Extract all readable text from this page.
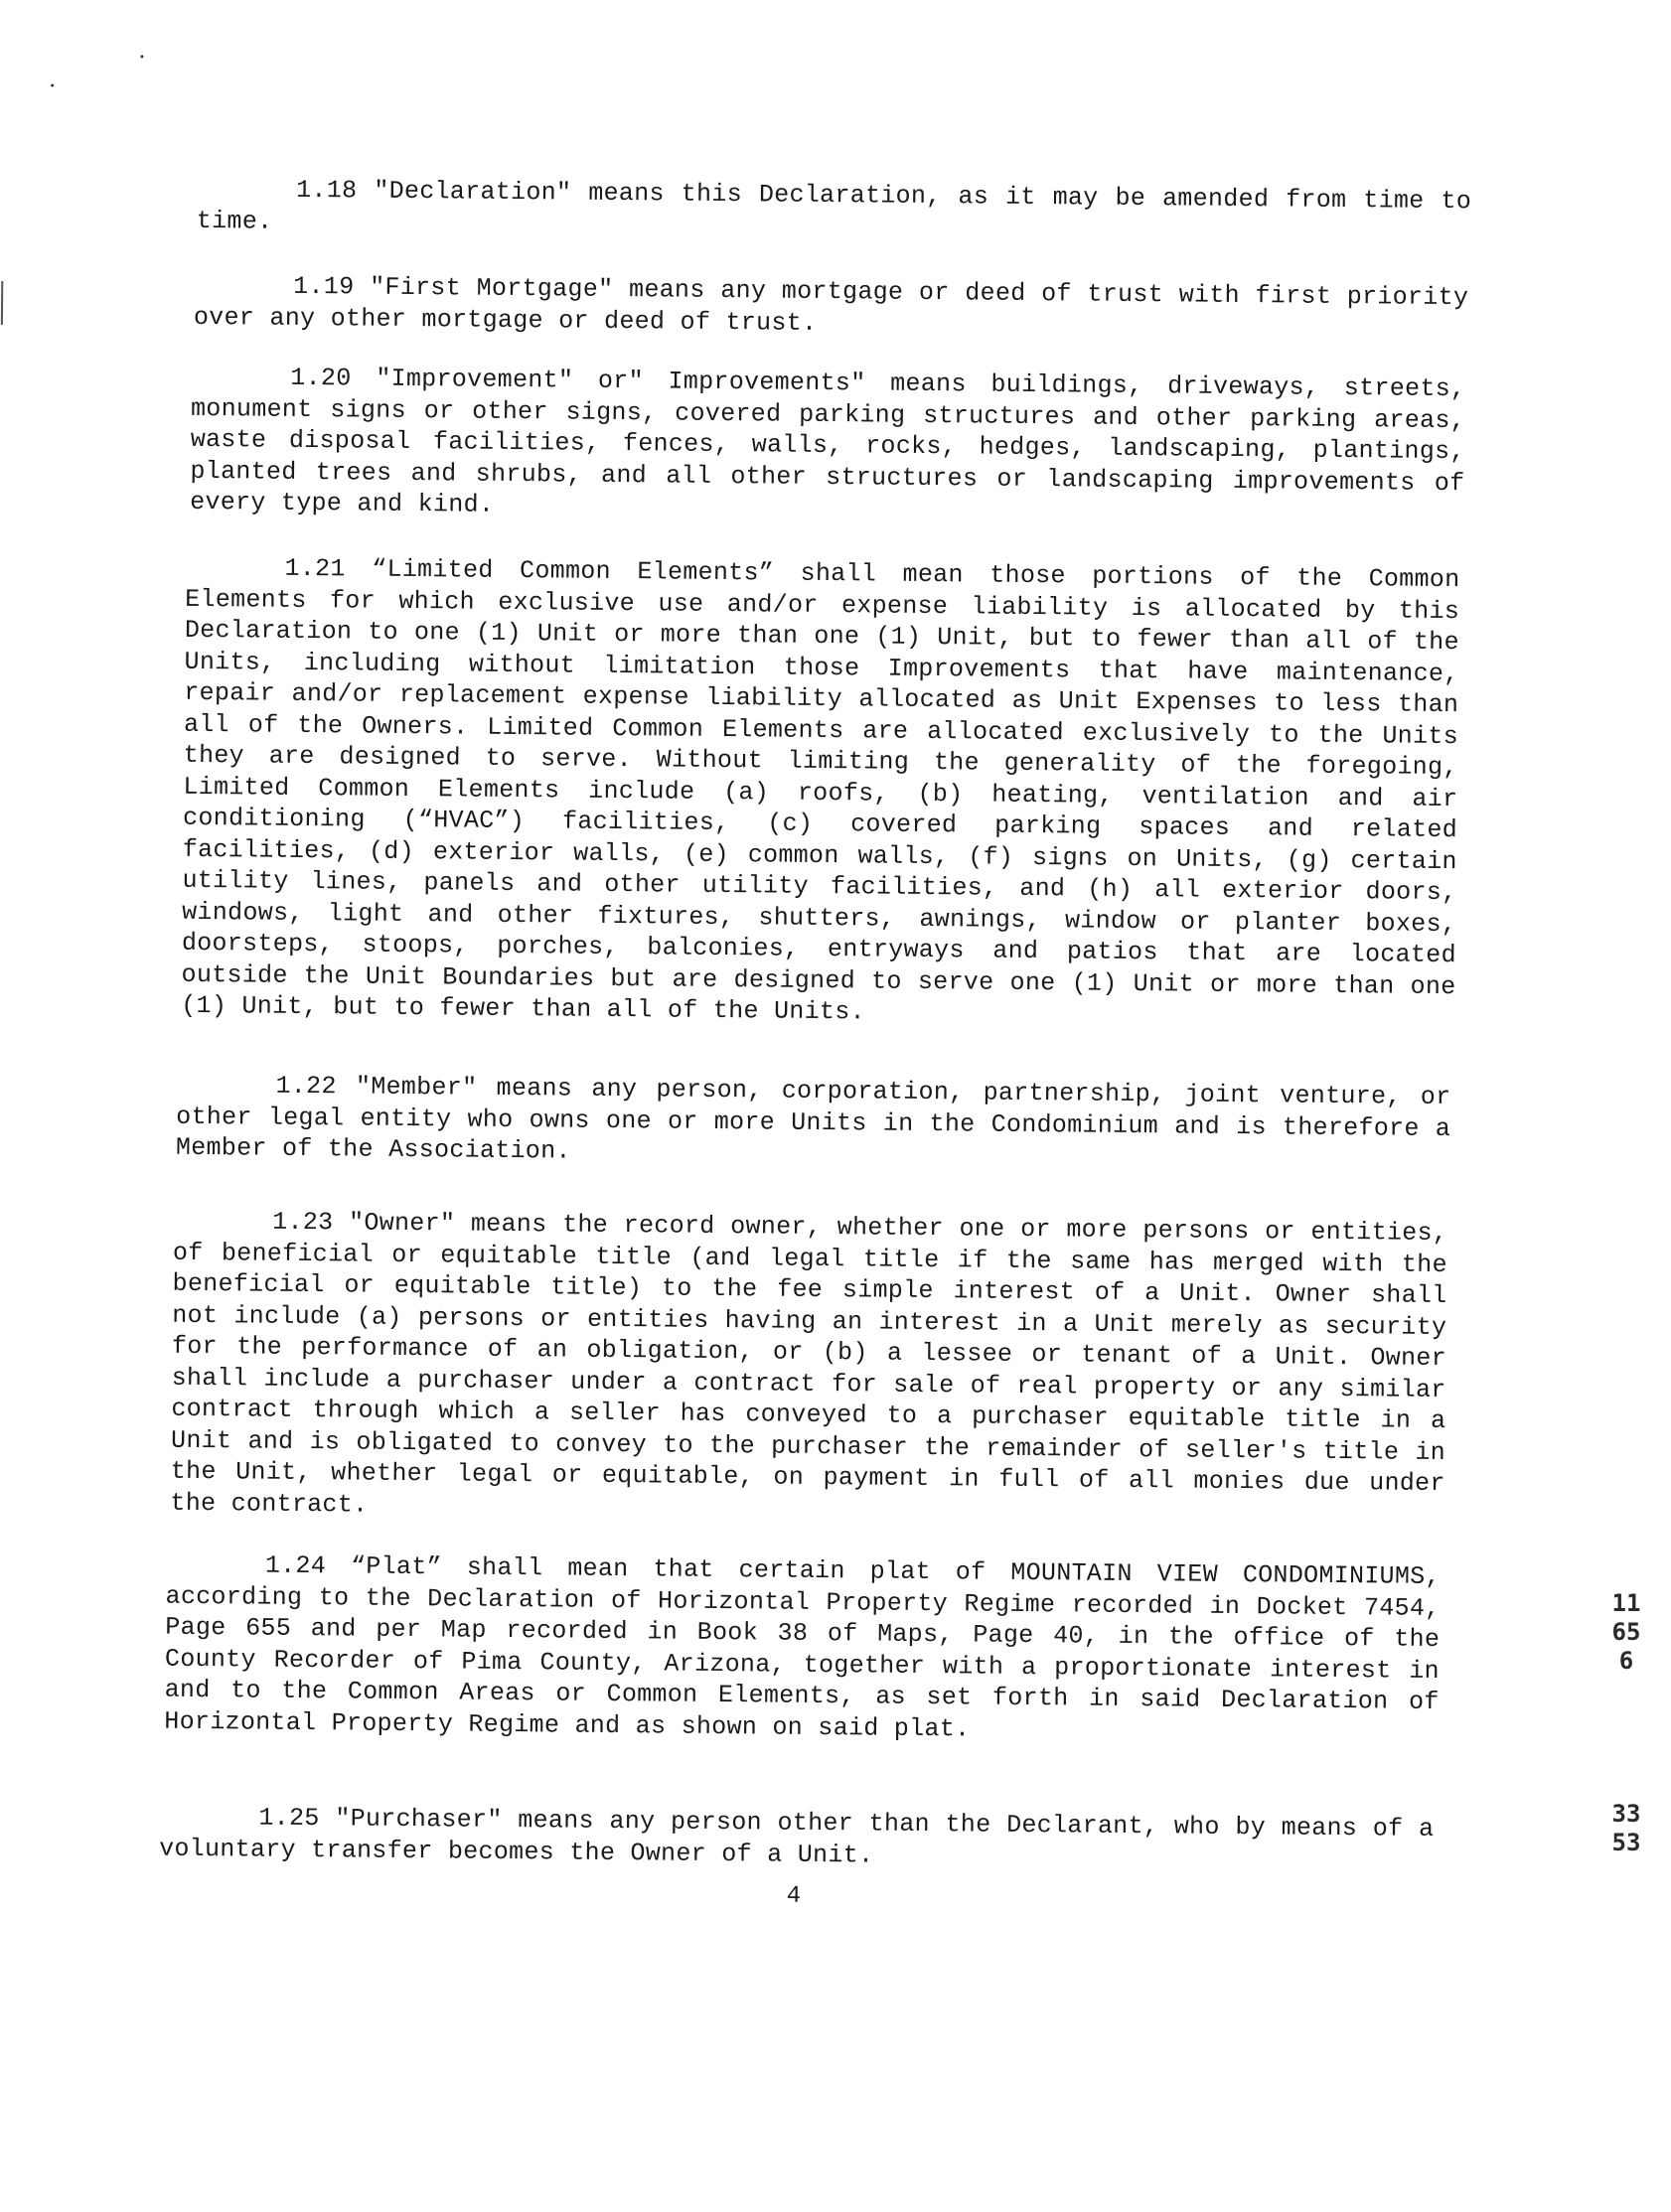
1.18 "Declaration" means this Declaration, as it may be amended from time to time.

1.19 "First Mortgage" means any mortgage or deed of trust with first priority over any other mortgage or deed of trust.

1.20 "Improvement" or" Improvements" means buildings, driveways, streets, monument signs or other signs, covered parking structures and other parking areas, waste disposal facilities, fences, walls, rocks, hedges, landscaping, plantings, planted trees and shrubs, and all other structures or landscaping improvements of every type and kind.

1.21 “Limited Common Elements” shall mean those portions of the Common Elements for which exclusive use and/or expense liability is allocated by this Declaration to one (1) Unit or more than one (1) Unit, but to fewer than all of the Units, including without limitation those Improvements that have maintenance, repair and/or replacement expense liability allocated as Unit Expenses to less than all of the Owners. Limited Common Elements are allocated exclusively to the Units they are designed to serve. Without limiting the generality of the foregoing, Limited Common Elements include (a) roofs, (b) heating, ventilation and air conditioning (“HVAC”) facilities, (c) covered parking spaces and related facilities, (d) exterior walls, (e) common walls, (f) signs on Units, (g) certain utility lines, panels and other utility facilities, and (h) all exterior doors, windows, light and other fixtures, shutters, awnings, window or planter boxes, doorsteps, stoops, porches, balconies, entryways and patios that are located outside the Unit Boundaries but are designed to serve one (1) Unit or more than one (1) Unit, but to fewer than all of the Units.

1.22 "Member" means any person, corporation, partnership, joint venture, or other legal entity who owns one or more Units in the Condominium and is therefore a Member of the Association.

1.23 "Owner" means the record owner, whether one or more persons or entities, of beneficial or equitable title (and legal title if the same has merged with the beneficial or equitable title) to the fee simple interest of a Unit. Owner shall not include (a) persons or entities having an interest in a Unit merely as security for the performance of an obligation, or (b) a lessee or tenant of a Unit. Owner shall include a purchaser under a contract for sale of real property or any similar contract through which a seller has conveyed to a purchaser equitable title in a Unit and is obligated to convey to the purchaser the remainder of seller's title in the Unit, whether legal or equitable, on payment in full of all monies due under the contract.

1.24 “Plat” shall mean that certain plat of MOUNTAIN VIEW CONDOMINIUMS, according to the Declaration of Horizontal Property Regime recorded in Docket 7454, Page 655 and per Map recorded in Book 38 of Maps, Page 40, in the office of the County Recorder of Pima County, Arizona, together with a proportionate interest in and to the Common Areas or Common Elements, as set forth in said Declaration of Horizontal Property Regime and as shown on said plat.

1.25 "Purchaser" means any person other than the Declarant, who by means of a voluntary transfer becomes the Owner of a Unit.

4
11656
3353
